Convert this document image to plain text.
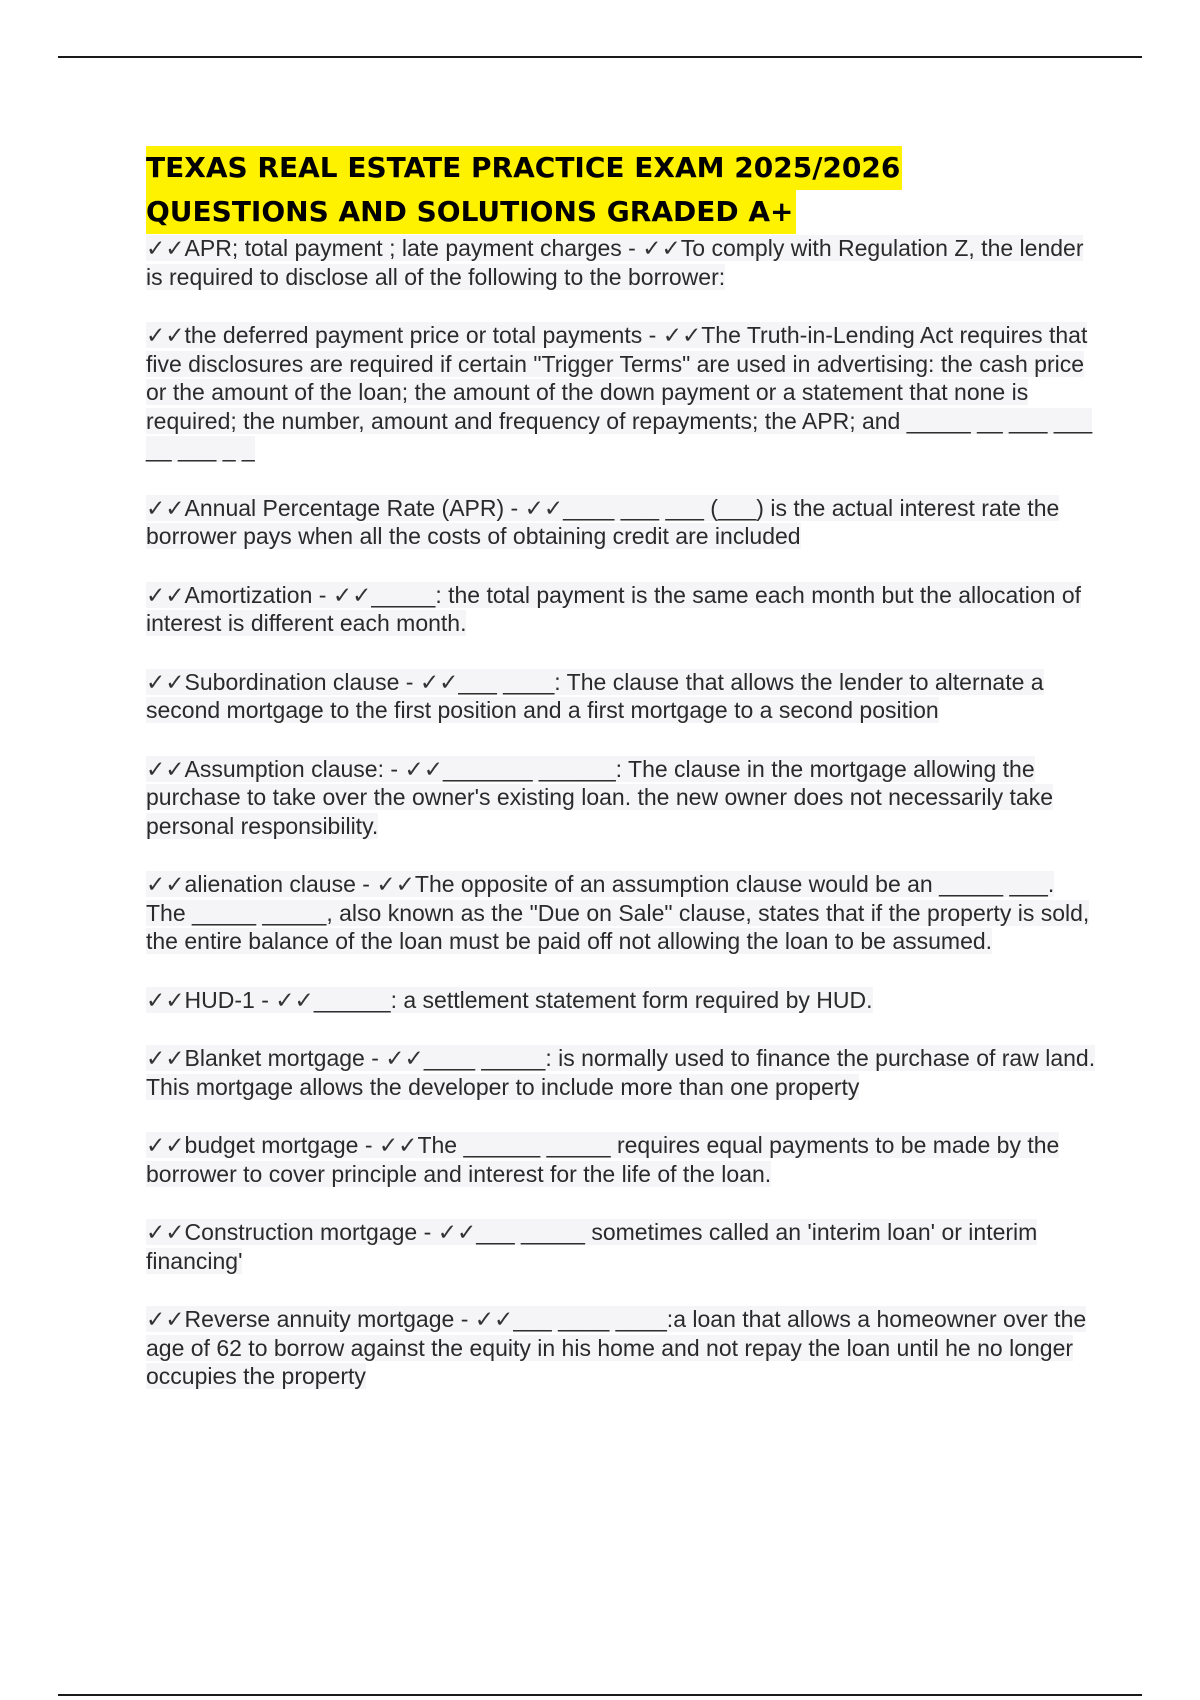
TEXAS REAL ESTATE PRACTICE EXAM 2025/2026
QUESTIONS AND SOLUTIONS GRADED A+

✓✓APR; total payment ; late payment charges - ✓✓To comply with Regulation Z, the lender is required to disclose all of the following to the borrower:

✓✓the deferred payment price or total payments - ✓✓The Truth-in-Lending Act requires that five disclosures are required if certain "Trigger Terms" are used in advertising: the cash price or the amount of the loan; the amount of the down payment or a statement that none is required; the number, amount and frequency of repayments; the APR; and _____ __ ___ ___ __ ___ _ _

✓✓Annual Percentage Rate (APR) - ✓✓____ ___ ___ (___) is the actual interest rate the borrower pays when all the costs of obtaining credit are included

✓✓Amortization - ✓✓_____: the total payment is the same each month but the allocation of interest is different each month.

✓✓Subordination clause - ✓✓___ ____: The clause that allows the lender to alternate a second mortgage to the first position and a first mortgage to a second position

✓✓Assumption clause: - ✓✓_______ ______: The clause in the mortgage allowing the purchase to take over the owner's existing loan. the new owner does not necessarily take personal responsibility.

✓✓alienation clause - ✓✓The opposite of an assumption clause would be an _____ ___. The _____ _____, also known as the "Due on Sale" clause, states that if the property is sold, the entire balance of the loan must be paid off not allowing the loan to be assumed.

✓✓HUD-1 - ✓✓______: a settlement statement form required by HUD.

✓✓Blanket mortgage - ✓✓____ _____: is normally used to finance the purchase of raw land. This mortgage allows the developer to include more than one property

✓✓budget mortgage - ✓✓The ______ _____ requires equal payments to be made by the borrower to cover principle and interest for the life of the loan.

✓✓Construction mortgage - ✓✓___ _____ sometimes called an 'interim loan' or interim financing'

✓✓Reverse annuity mortgage - ✓✓___ ____ ____:a loan that allows a homeowner over the age of 62 to borrow against the equity in his home and not repay the loan until he no longer occupies the property
